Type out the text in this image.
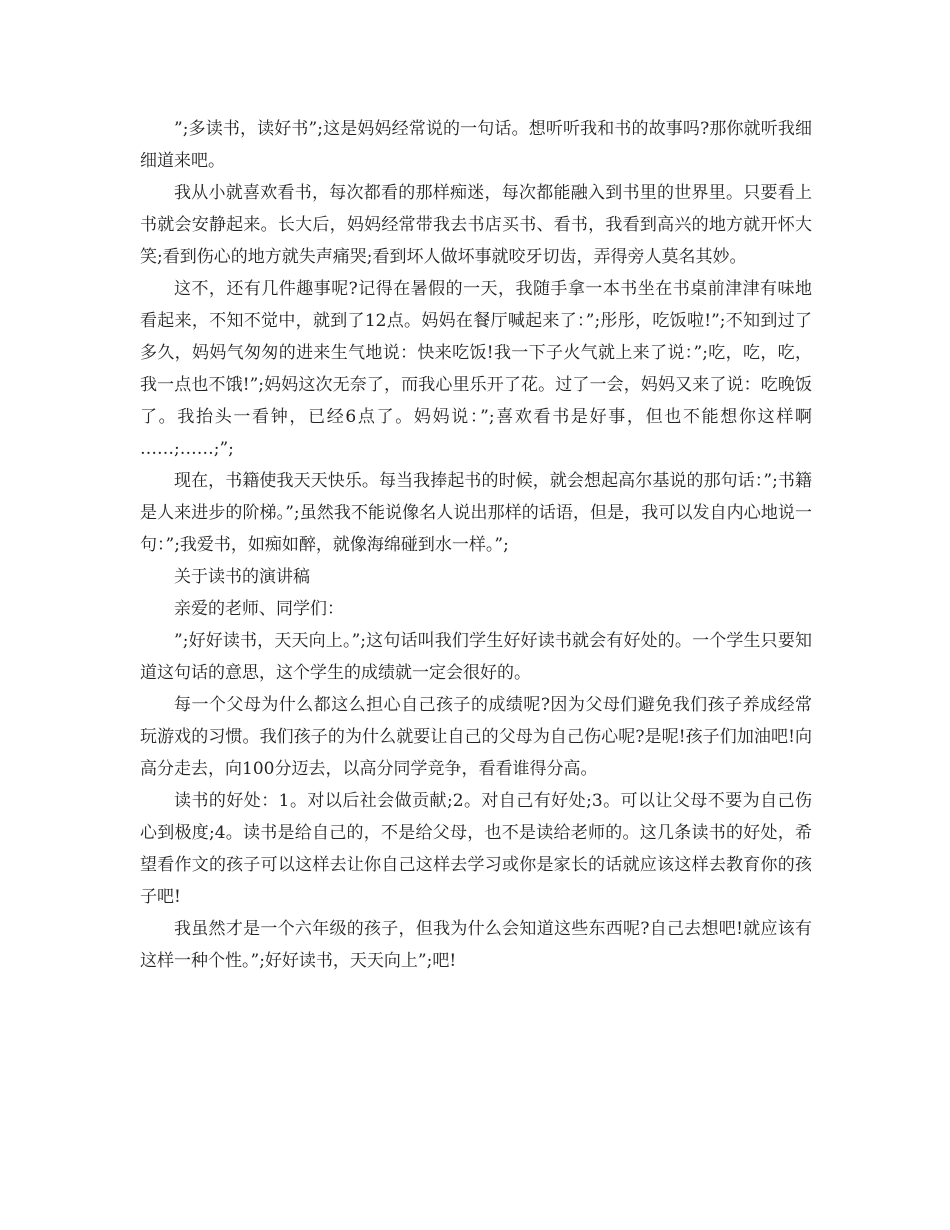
”;多读书，读好书”;这是妈妈经常说的一句话。想听听我和书的故事吗?那你就听我细细道来吧。

我从小就喜欢看书，每次都看的那样痴迷，每次都能融入到书里的世界里。只要看上书就会安静起来。长大后，妈妈经常带我去书店买书、看书，我看到高兴的地方就开怀大笑;看到伤心的地方就失声痛哭;看到坏人做坏事就咬牙切齿，弄得旁人莫名其妙。

这不，还有几件趣事呢?记得在暑假的一天，我随手拿一本书坐在书桌前津津有味地看起来，不知不觉中，就到了12点。妈妈在餐厅喊起来了：”;彤彤，吃饭啦!”;不知到过了多久，妈妈气匆匆的进来生气地说：快来吃饭!我一下子火气就上来了说：”;吃，吃，吃，我一点也不饿!”;妈妈这次无奈了，而我心里乐开了花。过了一会，妈妈又来了说：吃晚饭了。我抬头一看钟，已经6点了。妈妈说：”;喜欢看书是好事，但也不能想你这样啊 ……;……;”;

现在，书籍使我天天快乐。每当我捧起书的时候，就会想起高尔基说的那句话：”;书籍是人来进步的阶梯。”;虽然我不能说像名人说出那样的话语，但是，我可以发自内心地说一句：”;我爱书，如痴如醉，就像海绵碰到水一样。”;

关于读书的演讲稿

亲爱的老师、同学们：

”;好好读书，天天向上。”;这句话叫我们学生好好读书就会有好处的。一个学生只要知道这句话的意思，这个学生的成绩就一定会很好的。

每一个父母为什么都这么担心自己孩子的成绩呢?因为父母们避免我们孩子养成经常玩游戏的习惯。我们孩子的为什么就要让自己的父母为自己伤心呢?是呢!孩子们加油吧!向高分走去，向100分迈去，以高分同学竞争，看看谁得分高。

读书的好处：1。对以后社会做贡献;2。对自己有好处;3。可以让父母不要为自己伤心到极度;4。读书是给自己的，不是给父母，也不是读给老师的。这几条读书的好处，希望看作文的孩子可以这样去让你自己这样去学习或你是家长的话就应该这样去教育你的孩子吧!

我虽然才是一个六年级的孩子，但我为什么会知道这些东西呢?自己去想吧!就应该有这样一种个性。”;好好读书，天天向上”;吧!
